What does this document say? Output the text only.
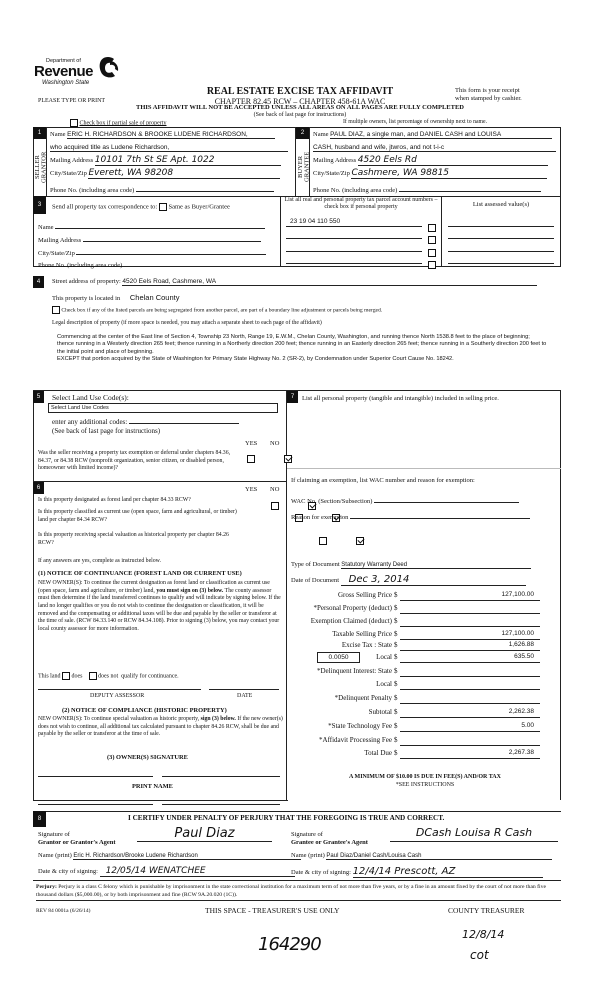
Department of
Revenue
Washington State
REAL ESTATE EXCISE TAX AFFIDAVIT
CHAPTER 82.45 RCW – CHAPTER 458-61A WAC
PLEASE TYPE OR PRINT
This form is your receipt
when stamped by cashier.
THIS AFFIDAVIT WILL NOT BE ACCEPTED UNLESS ALL AREAS ON ALL PAGES ARE FULLY COMPLETED
(See back of last page for instructions)
Check box if partial sale of property	If multiple owners, list percentage of ownership next to name.
1
SELLER
GRANTOR
Name ERIC H. RICHARDSON & BROOKE LUDENE RICHARDSON,
who acquired title as Ludene Richardson,
Mailing Address 10101 7th St SE Apt. 1022
City/State/Zip Everett, WA 98208
Phone No. (including area code)
2
BUYER
GRANTEE
Name PAUL DIAZ, a single man, and DANIEL CASH and LOUISA
CASH, husband and wife, jtwros, and not t-i-c
Mailing Address 4520 Eels Rd
City/State/Zip Cashmere, WA 98815
Phone No. (including area code)
3	Send all property tax correspondence to: Same as Buyer/Grantee
Name
Mailing Address
City/State/Zip
Phone No. (including area code)
List all real and personal property tax parcel account numbers – check box if personal property	List assessed value(s)
23 19 04 110 550
4	Street address of property: 4520 Eels Road, Cashmere, WA
This property is located in Chelan County
Check box if any of the listed parcels are being segregated from another parcel, are part of a boundary line adjustment or parcels being merged.
Legal description of property (if more space is needed, you may attach a separate sheet to each page of the affidavit)
Commencing at the center of the East line of Section 4, Township 23 North, Range 19, E.W.M., Chelan County, Washington, and running thence North 1538.8 feet to the place of beginning; thence running in a Westerly direction 265 feet; thence running in a Northerly direction 200 feet; thence running in an Easterly direction 265 feet; thence running in a Southerly direction 200 feet to the initial point and place of beginning.
EXCEPT that portion acquired by the State of Washington for Primary State Highway No. 2 (SR-2), by Condemnation under Superior Court Cause No. 18242.
5	Select Land Use Code(s):
Select Land Use Codes
enter any additional codes:
(See back of last page for instructions)
YES NO
Was the seller receiving a property tax exemption or deferral under chapters 84.36, 84.37, or 84.38 RCW (nonprofit organization, senior citizen, or disabled person, homeowner with limited income)?

6	YES NO
Is this property designated as forest land per chapter 84.33 RCW?

Is this property classified as current use (open space, farm and agricultural, or timber) land per chapter 84.34 RCW?

Is this property receiving special valuation as historical property per chapter 84.26 RCW?

If any answers are yes, complete as instructed below.
(1) NOTICE OF CONTINUANCE (FOREST LAND OR CURRENT USE)
NEW OWNER(S): To continue the current designation as forest land or classification as current use (open space, farm and agriculture, or timber) land, you must sign on (3) below. The county assessor must then determine if the land transferred continues to qualify and will indicate by signing below. If the land no longer qualifies or you do not wish to continue the designation or classification, it will be removed and the compensating or additional taxes will be due and payable by the seller or transferor at the time of sale. (RCW 84.33.140 or RCW 84.34.108). Prior to signing (3) below, you may contact your local county assessor for more information.
This land does	does not qualify for continuance.
DEPUTY ASSESSOR	DATE
(2) NOTICE OF COMPLIANCE (HISTORIC PROPERTY)
NEW OWNER(S): To continue special valuation as historic property, sign (3) below. If the new owner(s) does not wish to continue, all additional tax calculated pursuant to chapter 84.26 RCW, shall be due and payable by the seller or transferor at the time of sale.
(3) OWNER(S) SIGNATURE
PRINT NAME
7	List all personal property (tangible and intangible) included in selling price.
If claiming an exemption, list WAC number and reason for exemption:
WAC No. (Section/Subsection)
Reason for exemption
Type of Document Statutory Warranty Deed
Date of Document Dec 3, 2014
Gross Selling Price $	127,100.00
*Personal Property (deduct) $
Exemption Claimed (deduct) $
Taxable Selling Price $	127,100.00
Excise Tax : State $	1,626.88
0.0050	Local $	635.50
*Delinquent Interest: State $
Local $
*Delinquent Penalty $
Subtotal $	2,262.38
*State Technology Fee $	5.00
*Affidavit Processing Fee $
Total Due $	2,267.38
A MINIMUM OF $10.00 IS DUE IN FEE(S) AND/OR TAX
*SEE INSTRUCTIONS
8	I CERTIFY UNDER PENALTY OF PERJURY THAT THE FOREGOING IS TRUE AND CORRECT.
Signature of
Grantor or Grantor's Agent
Paul Diaz
Name (print) Eric H. Richardson/Brooke Ludene Richardson
Date & city of signing: 12/05/14 WENATCHEE
Signature of
Grantee or Grantee's Agent
DCash Louisa R Cash
Name (print) Paul Diaz/Daniel Cash/Louisa Cash
Date & city of signing: 12/4/14 Prescott, AZ
Perjury: Perjury is a class C felony which is punishable by imprisonment in the state correctional institution for a maximum term of not more than five years, or by a fine in an amount fixed by the court of not more than five thousand dollars ($5,000.00), or by both imprisonment and fine (RCW 9A.20.020 (1C)).
REV 84 0001a (6/26/14)	THIS SPACE - TREASURER'S USE ONLY	COUNTY TREASURER
164290	12/8/14
cot
